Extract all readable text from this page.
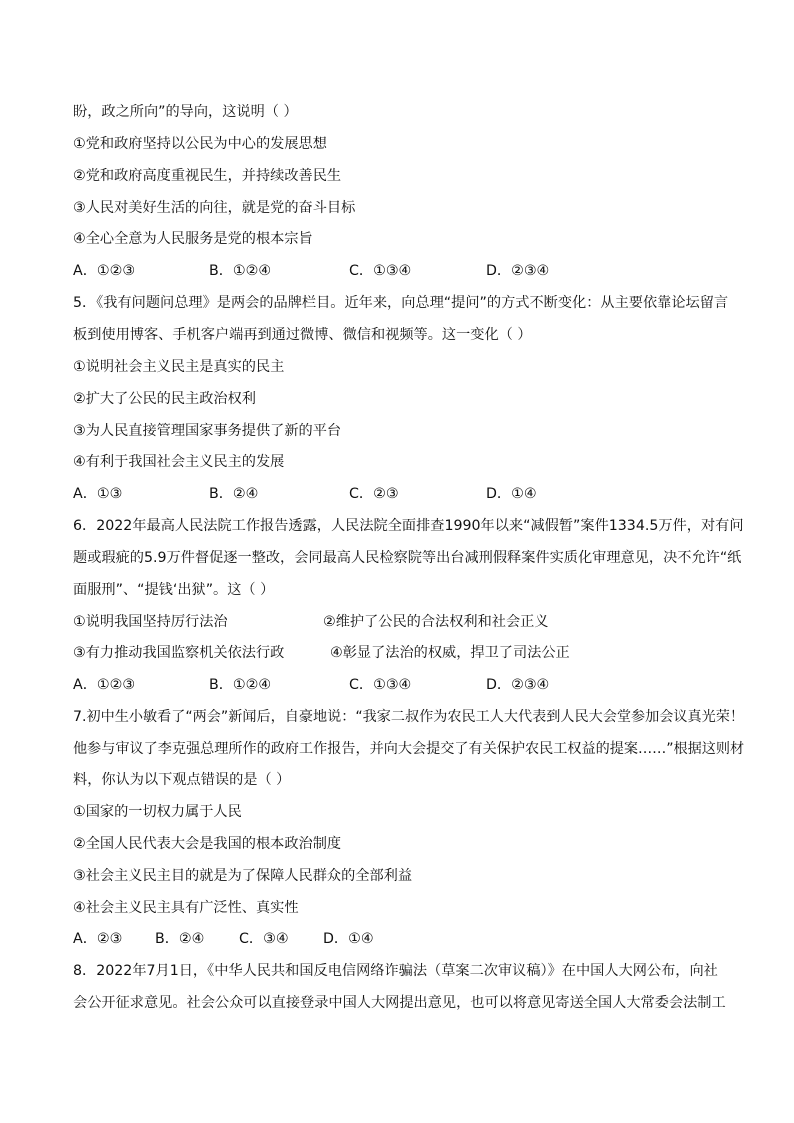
盼，政之所向”的导向，这说明（ ）
①党和政府坚持以公民为中心的发展思想
②党和政府高度重视民生，并持续改善民生
③人民对美好生活的向往，就是党的奋斗目标
④全心全意为人民服务是党的根本宗旨
A．①②③	B．①②④	C．①③④	D．②③④
5．《我有问题问总理》是两会的品牌栏目。近年来，向总理“提问”的方式不断变化：从主要依靠论坛留言
板到使用博客、手机客户端再到通过微博、微信和视频等。这一变化（ ）
①说明社会主义民主是真实的民主
②扩大了公民的民主政治权利
③为人民直接管理国家事务提供了新的平台
④有利于我国社会主义民主的发展
A．①③	B．②④	C．②③	D．①④
6．2022年最高人民法院工作报告透露，人民法院全面排查1990年以来“减假暂”案件1334.5万件，对有问
题或瑕疵的5.9万件督促逐一整改，会同最高人民检察院等出台减刑假释案件实质化审理意见，决不允许“纸
面服刑”、“提钱‘出狱”。这（ ）
①说明我国坚持厉行法治	②维护了公民的合法权利和社会正义
③有力推动我国监察机关依法行政	④彰显了法治的权威，捍卫了司法公正
A．①②③	B．①②④	C．①③④	D．②③④
7.初中生小敏看了“两会”新闻后，自豪地说：“我家二叔作为农民工人大代表到人民大会堂参加会议真光荣！
他参与审议了李克强总理所作的政府工作报告，并向大会提交了有关保护农民工权益的提案……”根据这则材
料，你认为以下观点错误的是（ ）
①国家的一切权力属于人民
②全国人民代表大会是我国的根本政治制度
③社会主义民主目的就是为了保障人民群众的全部利益
④社会主义民主具有广泛性、真实性
A．②③ B．②④ C．③④ D．①④
8．2022年7月1日，《中华人民共和国反电信网络诈骗法（草案二次审议稿）》在中国人大网公布，向社
会公开征求意见。社会公众可以直接登录中国人大网提出意见，也可以将意见寄送全国人大常委会法制工
